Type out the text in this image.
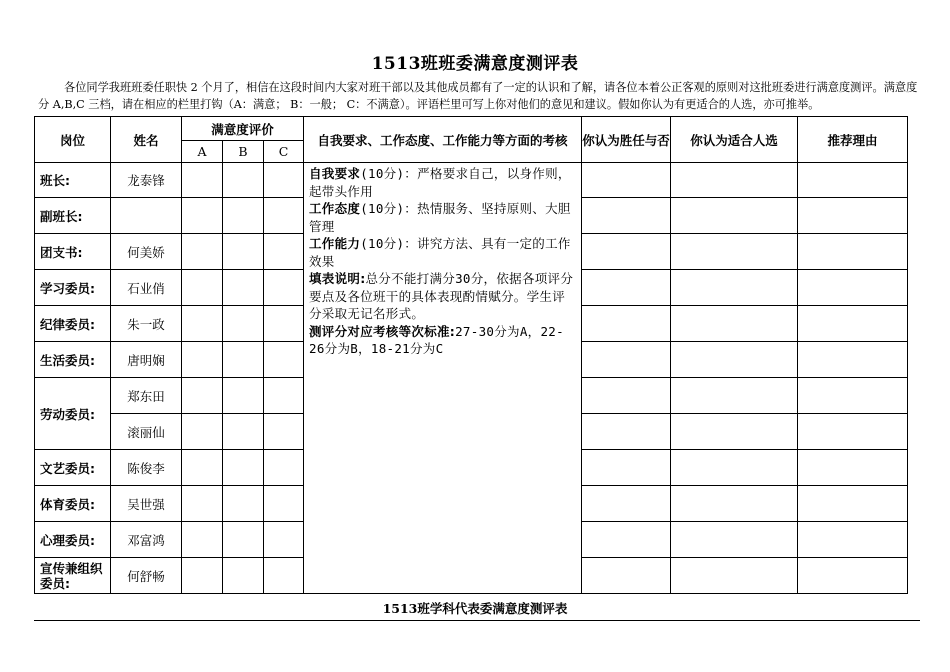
1513班班委满意度测评表
各位同学我班班委任职快 2 个月了，相信在这段时间内大家对班干部以及其他成员都有了一定的认识和了解，请各位本着公正客观的原则对这批班委进行满意度测评。满意度分 A,B,C 三档，请在相应的栏里打钩（A：满意； B：一般； C：不满意）。评语栏里可写上你对他们的意见和建议。假如你认为有更适合的人选，亦可推举。
岗位	姓名	满意度评价			自我要求、工作态度、工作能力等方面的考核	你认为胜任与否	你认为适合人选	推荐理由
		A	B	C				
班长:	龙泰锋				自我要求(10分)：严格要求自己，以身作则，起带头作用

工作态度(10分)：热情服务、坚持原则、大胆管理

工作能力(10分)：讲究方法、具有一定的工作效果

填表说明:总分不能打满分30分，依据各项评分要点及各位班干的具体表现酌情赋分。学生评分采取无记名形式。

测评分对应考核等次标准:27-30分为A，22-26分为B，18-21分为C			

副班长:								
团支书:	何美娇							
学习委员:	石业俏							
纪律委员:	朱一政							
生活委员:	唐明娴							
劳动委员:	郑东田							
	滚丽仙							
文艺委员:	陈俊李							
体育委员:	吴世强							
心理委员:	邓富鸿							
宣传兼组织委员:	何舒畅							
1513班学科代表委满意度测评表
